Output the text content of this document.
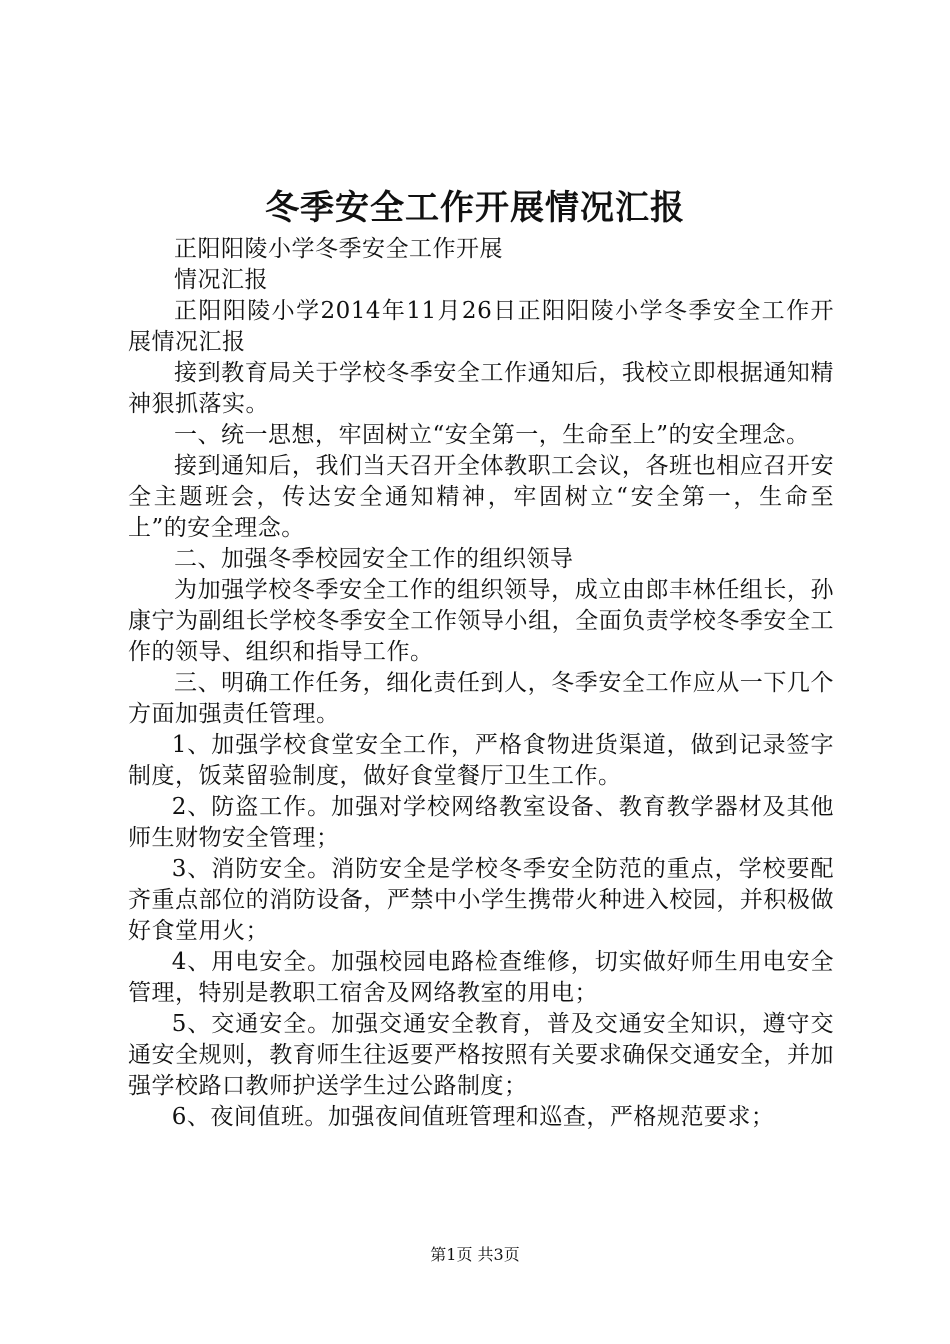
冬季安全工作开展情况汇报

正阳阳陵小学冬季安全工作开展

情况汇报

正阳阳陵小学2014年11月26日正阳阳陵小学冬季安全工作开展情况汇报

接到教育局关于学校冬季安全工作通知后，我校立即根据通知精神狠抓落实。

一、统一思想，牢固树立“安全第一，生命至上”的安全理念。

接到通知后，我们当天召开全体教职工会议，各班也相应召开安全主题班会，传达安全通知精神，牢固树立“安全第一，生命至上”的安全理念。

二、加强冬季校园安全工作的组织领导

为加强学校冬季安全工作的组织领导，成立由郎丰林任组长，孙康宁为副组长学校冬季安全工作领导小组，全面负责学校冬季安全工作的领导、组织和指导工作。

三、明确工作任务，细化责任到人，冬季安全工作应从一下几个方面加强责任管理。

1、加强学校食堂安全工作，严格食物进货渠道，做到记录签字制度，饭菜留验制度，做好食堂餐厅卫生工作。

2、防盗工作。加强对学校网络教室设备、教育教学器材及其他师生财物安全管理；

3、消防安全。消防安全是学校冬季安全防范的重点，学校要配齐重点部位的消防设备，严禁中小学生携带火种进入校园，并积极做好食堂用火；

4、用电安全。加强校园电路检查维修，切实做好师生用电安全管理，特别是教职工宿舍及网络教室的用电；

5、交通安全。加强交通安全教育，普及交通安全知识，遵守交通安全规则，教育师生往返要严格按照有关要求确保交通安全，并加强学校路口教师护送学生过公路制度；

6、夜间值班。加强夜间值班管理和巡查，严格规范要求；

第1页 共3页
